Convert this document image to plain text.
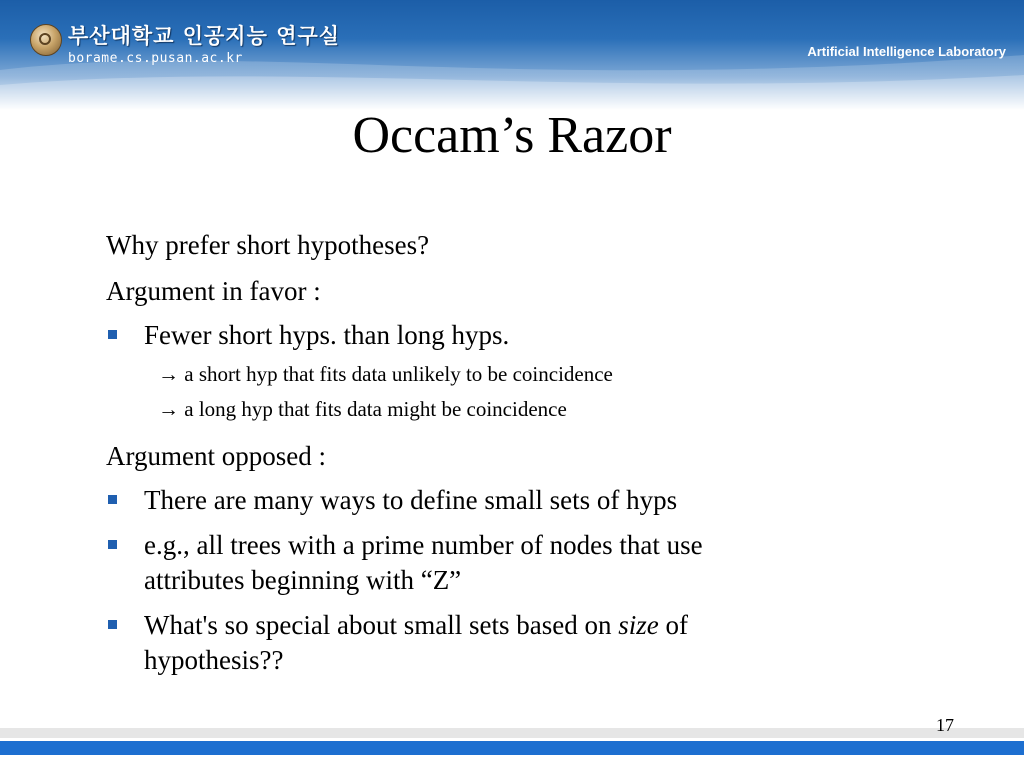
부산대학교 인공지능 연구실
borame.cs.pusan.ac.kr	Artificial Intelligence Laboratory
Occam’s Razor
Why prefer short hypotheses?
Argument in favor :
Fewer short hyps. than long hyps.
→ a short hyp that fits data unlikely to be coincidence
→ a long hyp that fits data might be coincidence
Argument opposed :
There are many ways to define small sets of hyps
e.g., all trees with a prime number of nodes that use
attributes beginning with “Z”
What's so special about small sets based on size of
hypothesis??
17
